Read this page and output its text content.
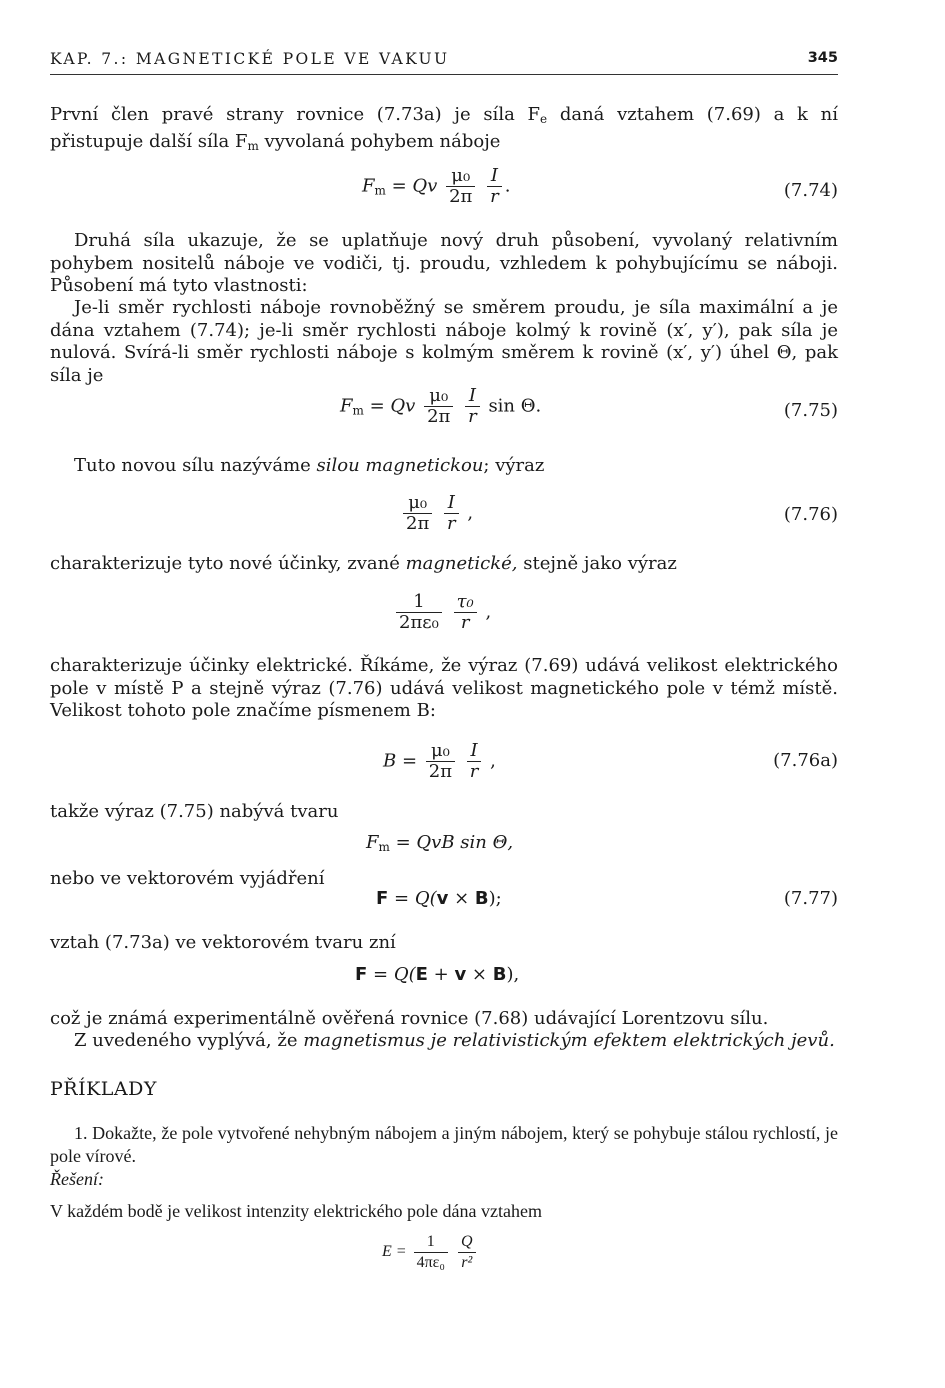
KAP. 7.: MAGNETICKÉ POLE VE VAKUU	345

První člen pravé strany rovnice (7.73a) je síla $F_e$ daná vztahem (7.69) a k ní přistupuje další síla $F_m$ vyvolaná pohybem náboje

$F_m = Qv \frac{\text{μ₀}}{2\pi}$
$\frac{I}{r}$ .	(7.74)

Druhá síla ukazuje, že se uplatňuje nový druh působení, vyvolaný relativním pohybem nositelů náboje ve vodiči, tj. proudu, vzhledem k pohybujícímu se náboji. Působení má tyto vlastnosti:

Je-li směr rychlosti náboje rovnoběžný se směrem proudu, je síla maximální a je dána vztahem (7.74); je-li směr rychlosti náboje kolmý k rovině (x′, y′), pak síla je nulová. Svírá-li směr rychlosti náboje s kolmým směrem k rovině (x′, y′) úhel Θ, pak síla je

$F_m = Qv \frac{\text{μ₀}}{2\pi}$
$\frac{I}{r}$ sin Θ.	(7.75)

Tuto novou sílu nazýváme silou magnetickou; výraz

$\frac{\text{μ₀}}{2\pi}$
$\frac{I}{r}$ ,	(7.76)

charakterizuje tyto nové účinky, zvané magnetické, stejně jako výraz

$\frac{1}{\text{2πε₀}}$
$\frac{\text{τ₀}}{r}$ ,

charakterizuje účinky elektrické. Říkáme, že výraz (7.69) udává velikost elektrického pole v místě P a stejně výraz (7.76) udává velikost magnetického pole v témž místě. Velikost tohoto pole značíme písmenem B:

$B = \frac{\text{μ₀}}{2\pi}$
$\frac{I}{r}$ ,	(7.76a)

takže výraz (7.75) nabývá tvaru

$F_m$ = QvB sin Θ,

nebo ve vektorovém vyjádření

F = Q(v × B);	(7.77)

vztah (7.73a) ve vektorovém tvaru zní

F = Q(E + v × B),

což je známá experimentálně ověřená rovnice (7.68) udávající Lorentzovu sílu.

Z uvedeného vyplývá, že magnetismus je relativistickým efektem elektrických jevů.

PŘÍKLADY

1. Dokažte, že pole vytvořené nehybným nábojem a jiným nábojem, který se pohybuje stálou rychlostí, je pole vírové.

Řešení:

V každém bodě je velikost intenzity elektrického pole dána vztahem

$E = \frac{1}{\text{4πε₀}}$
$\frac{Q}{\text{r²}}$
